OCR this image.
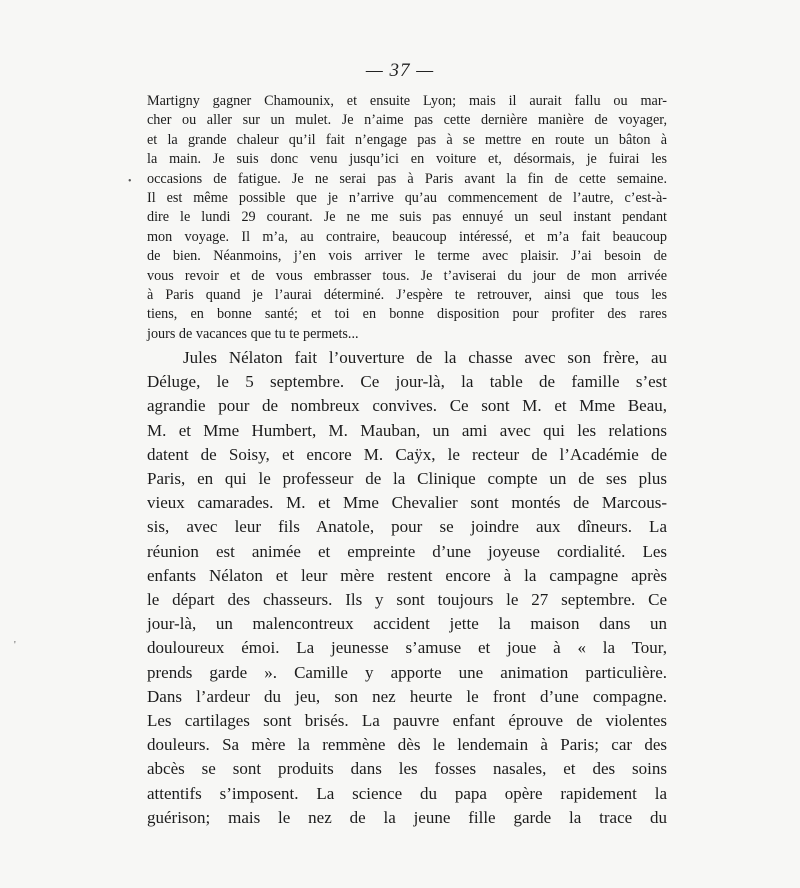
— 37 —
Martigny gagner Chamounix, et ensuite Lyon; mais il aurait fallu ou mar-
cher ou aller sur un mulet. Je n’aime pas cette dernière manière de voyager,
et la grande chaleur qu’il fait n’engage pas à se mettre en route un bâton à
la main. Je suis donc venu jusqu’ici en voiture et, désormais, je fuirai les
occasions de fatigue. Je ne serai pas à Paris avant la fin de cette semaine.
Il est même possible que je n’arrive qu’au commencement de l’autre, c’est-à-
dire le lundi 29 courant. Je ne me suis pas ennuyé un seul instant pendant
mon voyage. Il m’a, au contraire, beaucoup intéressé, et m’a fait beaucoup
de bien. Néanmoins, j’en vois arriver le terme avec plaisir. J’ai besoin de
vous revoir et de vous embrasser tous. Je t’aviserai du jour de mon arrivée
à Paris quand je l’aurai déterminé. J’espère te retrouver, ainsi que tous les
tiens, en bonne santé; et toi en bonne disposition pour profiter des rares
jours de vacances que tu te permets...
Jules Nélaton fait l’ouverture de la chasse avec son frère, au
Déluge, le 5 septembre. Ce jour-là, la table de famille s’est
agrandie pour de nombreux convives. Ce sont M. et Mme Beau,
M. et Mme Humbert, M. Mauban, un ami avec qui les relations
datent de Soisy, et encore M. Caÿx, le recteur de l’Académie de
Paris, en qui le professeur de la Clinique compte un de ses plus
vieux camarades. M. et Mme Chevalier sont montés de Marcous-
sis, avec leur fils Anatole, pour se joindre aux dîneurs. La
réunion est animée et empreinte d’une joyeuse cordialité. Les
enfants Nélaton et leur mère restent encore à la campagne après
le départ des chasseurs. Ils y sont toujours le 27 septembre. Ce
jour-là, un malencontreux accident jette la maison dans un
douloureux émoi. La jeunesse s’amuse et joue à « la Tour,
prends garde ». Camille y apporte une animation particulière.
Dans l’ardeur du jeu, son nez heurte le front d’une compagne.
Les cartilages sont brisés. La pauvre enfant éprouve de violentes
douleurs. Sa mère la remmène dès le lendemain à Paris; car des
abcès se sont produits dans les fosses nasales, et des soins
attentifs s’imposent. La science du papa opère rapidement la
guérison; mais le nez de la jeune fille garde la trace du
•
'
